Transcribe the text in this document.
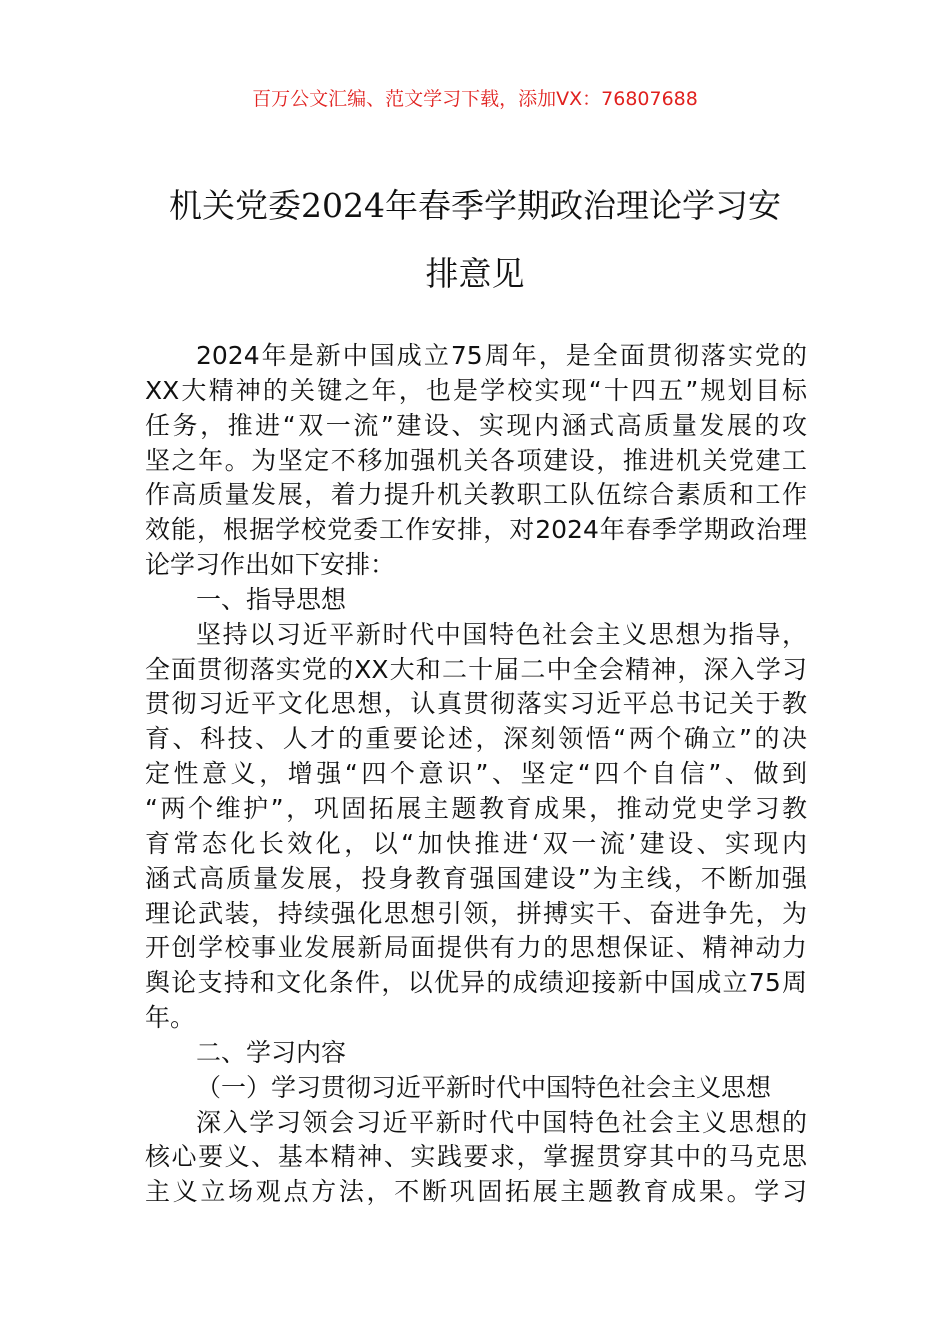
百万公文汇编、范文学习下载，添加VX：76807688
机关党委2024年春季学期政治理论学习安
排意见
2024年是新中国成立75周年，是全面贯彻落实党的
XX大精神的关键之年，也是学校实现“十四五”规划目标
任务，推进“双一流”建设、实现内涵式高质量发展的攻
坚之年。为坚定不移加强机关各项建设，推进机关党建工
作高质量发展，着力提升机关教职工队伍综合素质和工作
效能，根据学校党委工作安排，对2024年春季学期政治理
论学习作出如下安排：
一、指导思想
坚持以习近平新时代中国特色社会主义思想为指导，
全面贯彻落实党的XX大和二十届二中全会精神，深入学习
贯彻习近平文化思想，认真贯彻落实习近平总书记关于教
育、科技、人才的重要论述，深刻领悟“两个确立”的决
定性意义，增强“四个意识”、坚定“四个自信”、做到
“两个维护”，巩固拓展主题教育成果，推动党史学习教
育常态化长效化，以“加快推进‘双一流’建设、实现内
涵式高质量发展，投身教育强国建设”为主线，不断加强
理论武装，持续强化思想引领，拼搏实干、奋进争先，为
开创学校事业发展新局面提供有力的思想保证、精神动力
舆论支持和文化条件，以优异的成绩迎接新中国成立75周
年。
二、学习内容
（一）学习贯彻习近平新时代中国特色社会主义思想
深入学习领会习近平新时代中国特色社会主义思想的
核心要义、基本精神、实践要求，掌握贯穿其中的马克思
主义立场观点方法，不断巩固拓展主题教育成果。学习
